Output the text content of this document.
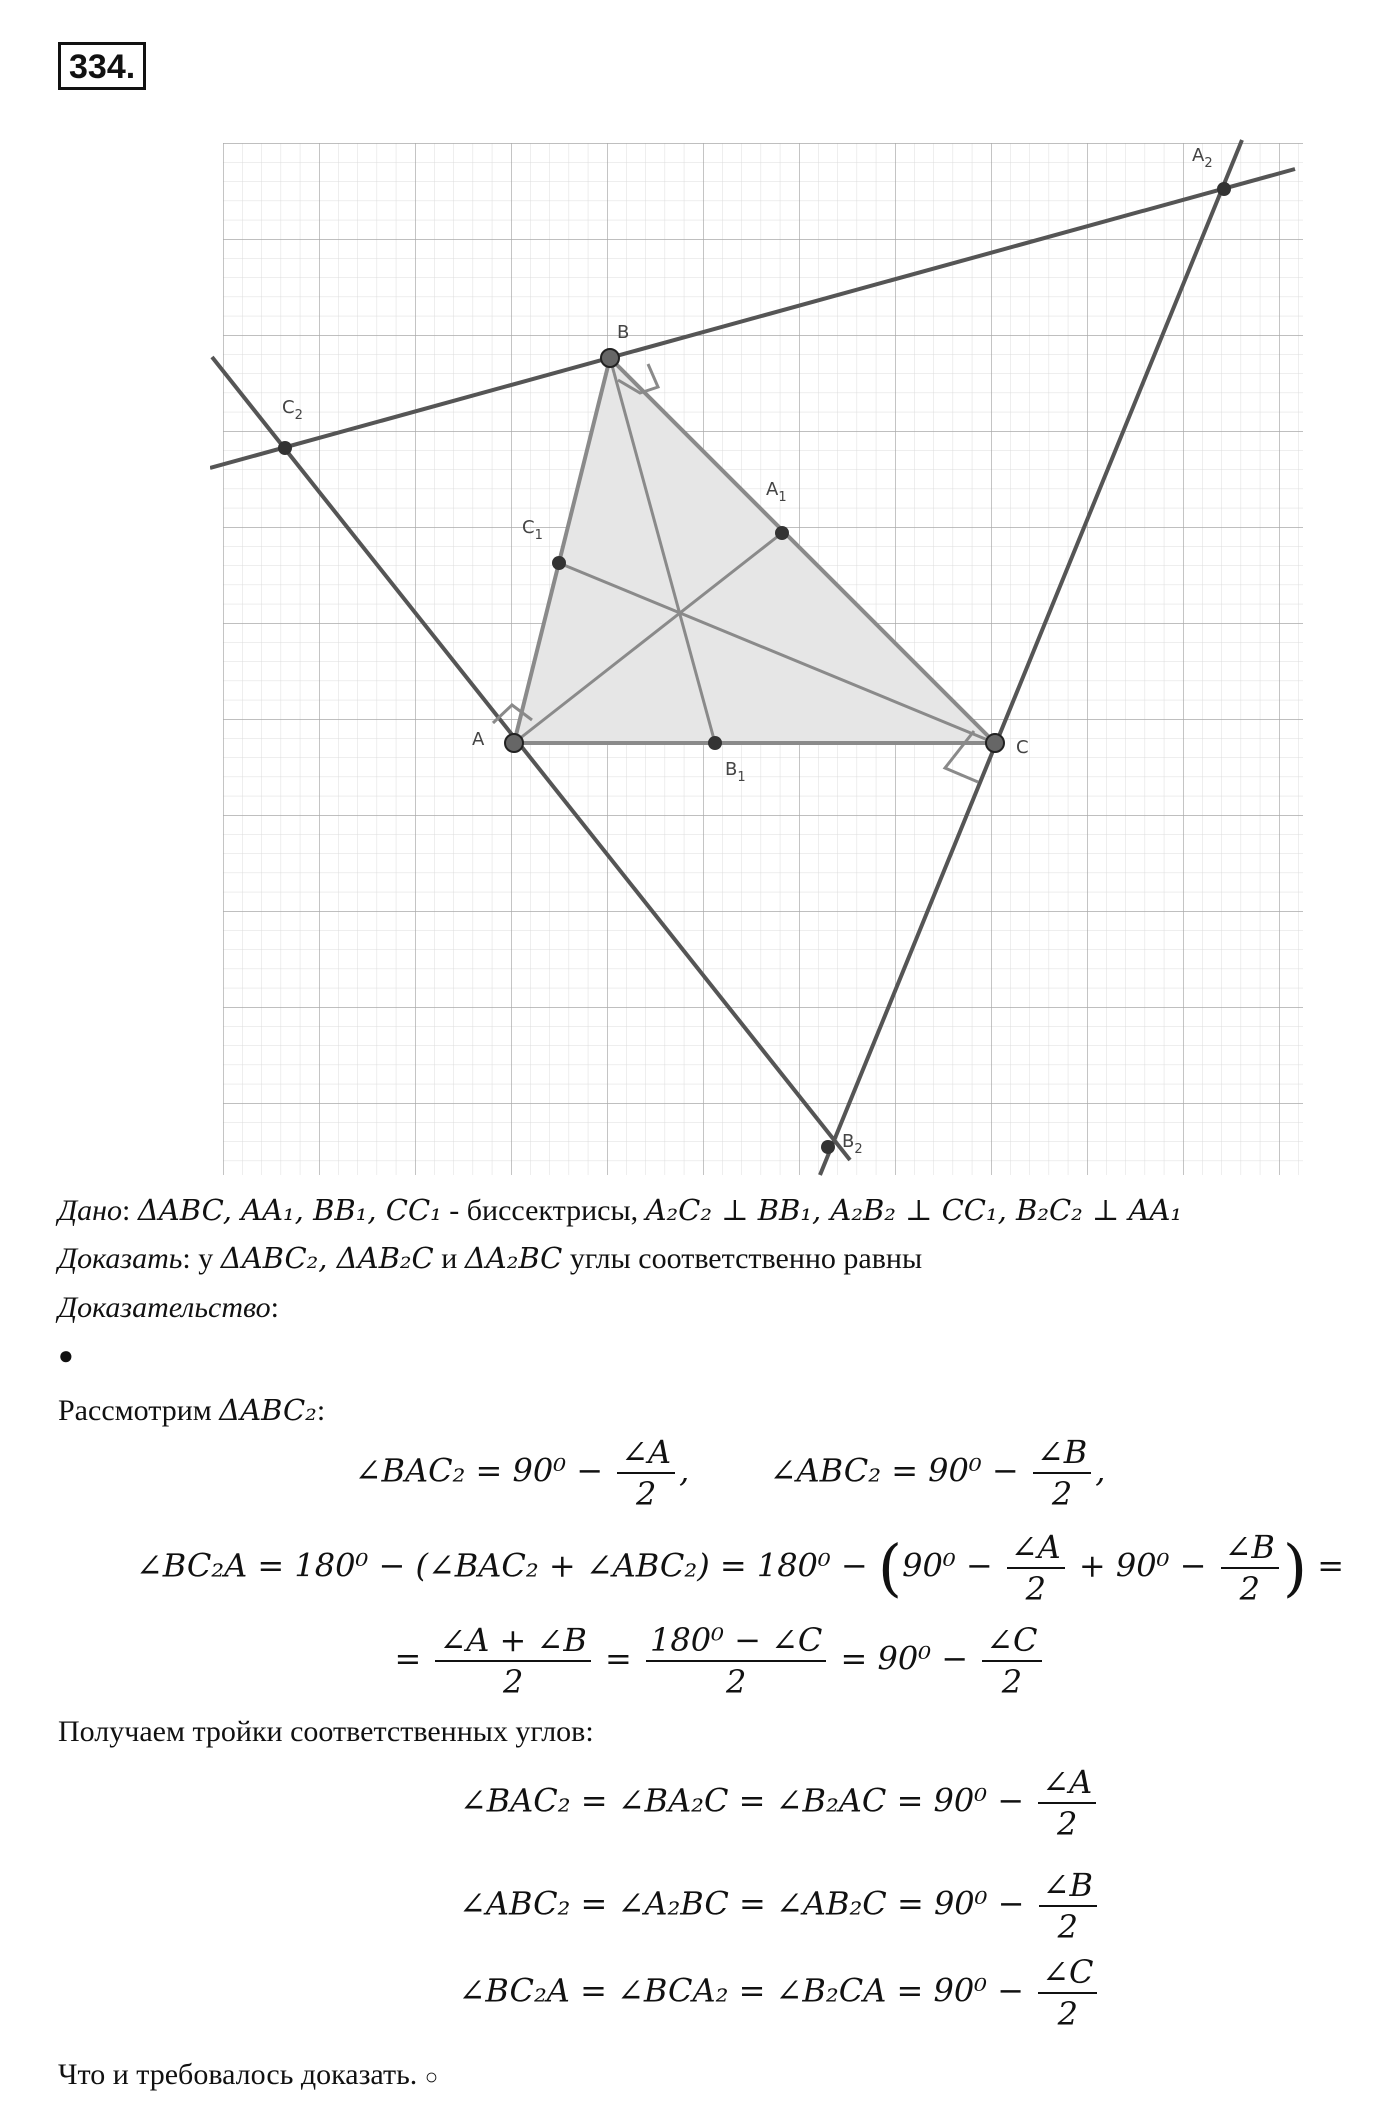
334.
A
B
C
$A_1$
$B_1$
$C_1$
$A_2$
$B_2$
$C_2$
Дано: ΔABC, AA₁, BB₁, CC₁ - биссектрисы, A₂C₂ ⊥ BB₁, A₂B₂ ⊥ CC₁, B₂C₂ ⊥ AA₁
Доказать: у ΔABC₂, ΔAB₂C и ΔA₂BC углы соответственно равны
Доказательство:
●
Рассмотрим ΔABC₂:
∠BAC₂ = $90^0 - \frac{\angle A}{2}$ ,	∠ABC₂ = $90^0 - \frac{\angle B}{2}$ ,
∠BC₂A = 180⁰ − (∠BAC₂ + ∠ABC₂) = $180^0 - (90^0 - \frac{\angle A}{2} + 90^0 - \frac{\angle B}{2}$ ) =
= $\frac{\angle A + \angle B}{2} = \frac{\text{180⁰ − ∠C}}{2} = 90^0 - \frac{\angle C}{2}$
Получаем тройки соответственных углов:
∠BAC₂ = ∠BA₂C = ∠B₂AC = $90^0 - \frac{\angle A}{2}$
∠ABC₂ = ∠A₂BC = ∠AB₂C = $90^0 - \frac{\angle B}{2}$
∠BC₂A = ∠BCA₂ = ∠B₂CA = $90^0 - \frac{\angle C}{2}$
Что и требовалось доказать. ○
